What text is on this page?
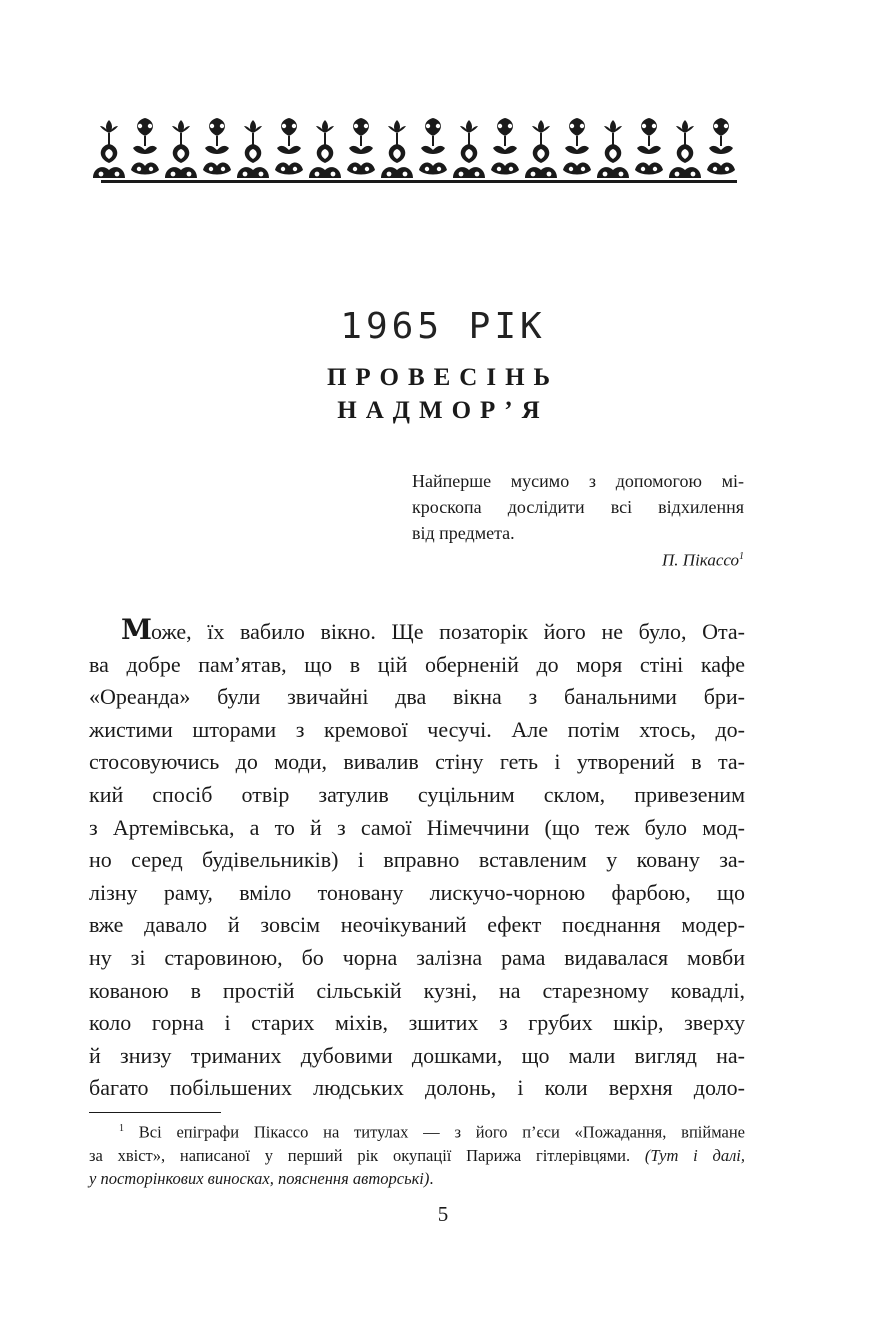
1965 РІК
ПРОВЕСІНЬ
НАДМОР’Я
Найперше мусимо з допомогою мі-
кроскопа дослідити всі відхилення
від предмета.
П. Пікассо$^1$
Може, їх вабило вікно. Ще позаторік його не було, Ота-
ва добре пам’ятав, що в цій оберненій до моря стіні кафе
«Ореанда» були звичайні два вікна з банальними бри-
жистими шторами з кремової чесучі. Але потім хтось, до-
стосовуючись до моди, вивалив стіну геть і утворений в та-
кий спосіб отвір затулив суцільним склом, привезеним
з Артемівська, а то й з самої Німеччини (що теж було мод-
но серед будівельників) і вправно вставленим у ковану за-
лізну раму, вміло тоновану лискучо-чорною фарбою, що
вже давало й зовсім неочікуваний ефект поєднання модер-
ну зі старовиною, бо чорна залізна рама видавалася мовби
кованою в простій сільській кузні, на старезному ковадлі,
коло горна і старих міхів, зшитих з грубих шкір, зверху
й знизу триманих дубовими дошками, що мали вигляд на-
багато побільшених людських долонь, і коли верхня доло-
$^1$ Всі епіграфи Пікассо на титулах — з його п’єси «Пожадання, впіймане
за хвіст», написаної у перший рік окупації Парижа гітлерівцями. (Тут і далі,
у посторінкових виносках, пояснення авторські).
5
